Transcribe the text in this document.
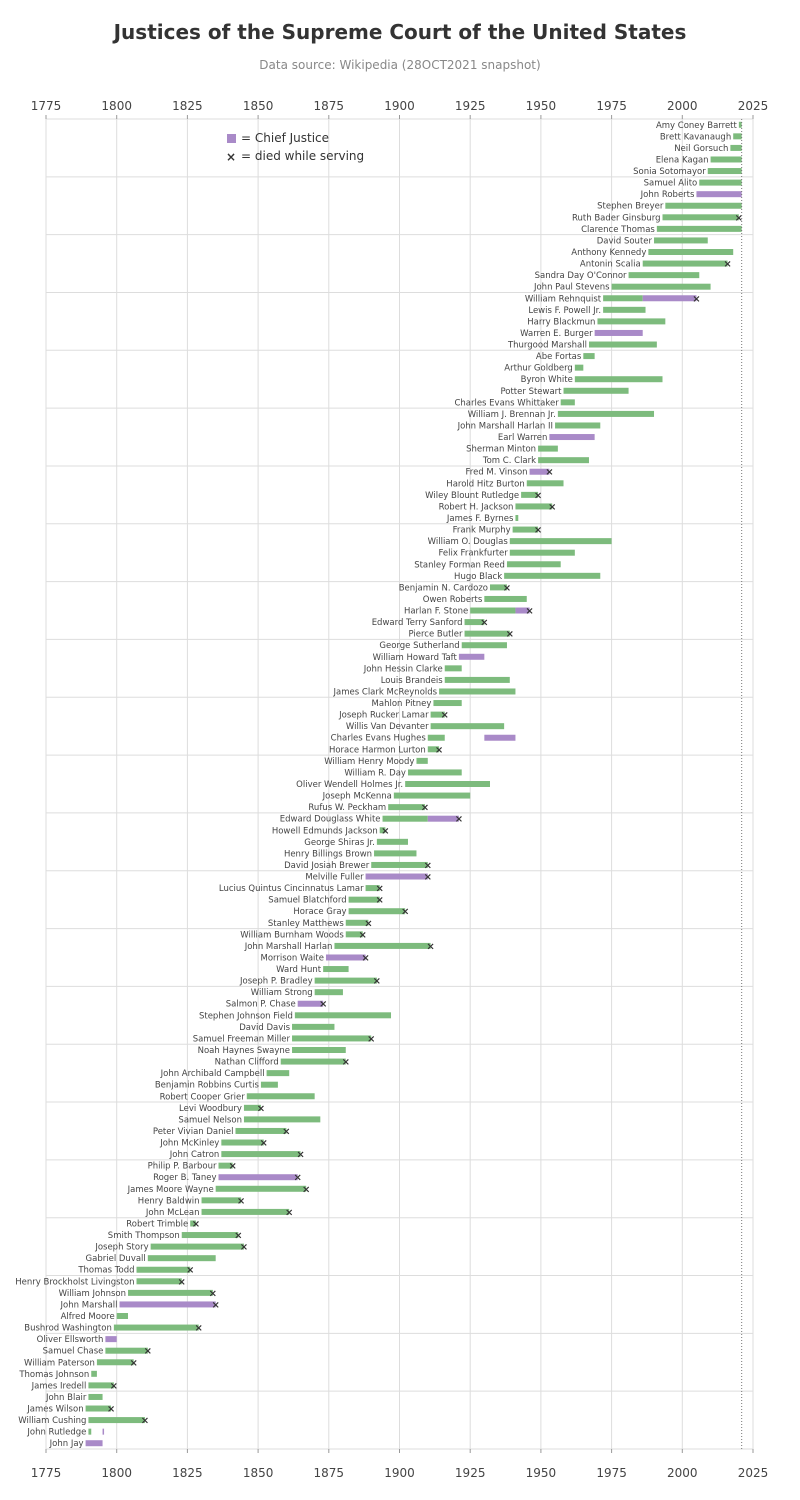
Justices of the Supreme Court of the United States
Data source: Wikipedia (28OCT2021 snapshot)
= Chief Justice
× = died while serving
Amy Coney Barrett
Brett Kavanaugh
Neil Gorsuch
Elena Kagan
Sonia Sotomayor
Samuel Alito
John Roberts
Stephen Breyer
Ruth Bader Ginsburg
Clarence Thomas
David Souter
Anthony Kennedy
Antonin Scalia
Sandra Day O'Connor
John Paul Stevens
William Rehnquist
Lewis F. Powell Jr.
Harry Blackmun
Warren E. Burger
Thurgood Marshall
Abe Fortas
Arthur Goldberg
Byron White
Potter Stewart
Charles Evans Whittaker
William J. Brennan Jr.
John Marshall Harlan II
Earl Warren
Sherman Minton
Tom C. Clark
Fred M. Vinson
Harold Hitz Burton
Wiley Blount Rutledge
Robert H. Jackson
James F. Byrnes
Frank Murphy
William O. Douglas
Felix Frankfurter
Stanley Forman Reed
Hugo Black
Benjamin N. Cardozo
Owen Roberts
Harlan F. Stone
Edward Terry Sanford
Pierce Butler
George Sutherland
William Howard Taft
John Hessin Clarke
Louis Brandeis
James Clark McReynolds
Mahlon Pitney
Joseph Rucker Lamar
Willis Van Devanter
Charles Evans Hughes
Horace Harmon Lurton
William Henry Moody
William R. Day
Oliver Wendell Holmes Jr.
Joseph McKenna
Rufus W. Peckham
Edward Douglass White
Howell Edmunds Jackson
George Shiras Jr.
Henry Billings Brown
David Josiah Brewer
Melville Fuller
Lucius Quintus Cincinnatus Lamar
Samuel Blatchford
Horace Gray
Stanley Matthews
William Burnham Woods
John Marshall Harlan
Morrison Waite
Ward Hunt
Joseph P. Bradley
William Strong
Salmon P. Chase
Stephen Johnson Field
David Davis
Samuel Freeman Miller
Noah Haynes Swayne
Nathan Clifford
John Archibald Campbell
Benjamin Robbins Curtis
Robert Cooper Grier
Levi Woodbury
Samuel Nelson
Peter Vivian Daniel
John McKinley
John Catron
Philip P. Barbour
Roger B. Taney
James Moore Wayne
Henry Baldwin
John McLean
Robert Trimble
Smith Thompson
Joseph Story
Gabriel Duvall
Thomas Todd
Henry Brockholst Livingston
William Johnson
John Marshall
Alfred Moore
Bushrod Washington
Oliver Ellsworth
Samuel Chase
William Paterson
Thomas Johnson
James Iredell
John Blair
James Wilson
William Cushing
John Rutledge
John Jay
×
×
×
×
×
×
×
×
×
×
×
×
×
×
×
×
×
×
×
×
×
×
×
×
×
×
×
×
×
×
×
×
×
×
×
×
×
×
×
×
×
×
×
×
×
×
×
×
×
×
×
1775
1775
1800
1800
1825
1825
1850
1850
1875
1875
1900
1900
1925
1925
1950
1950
1975
1975
2000
2000
2025
2025
